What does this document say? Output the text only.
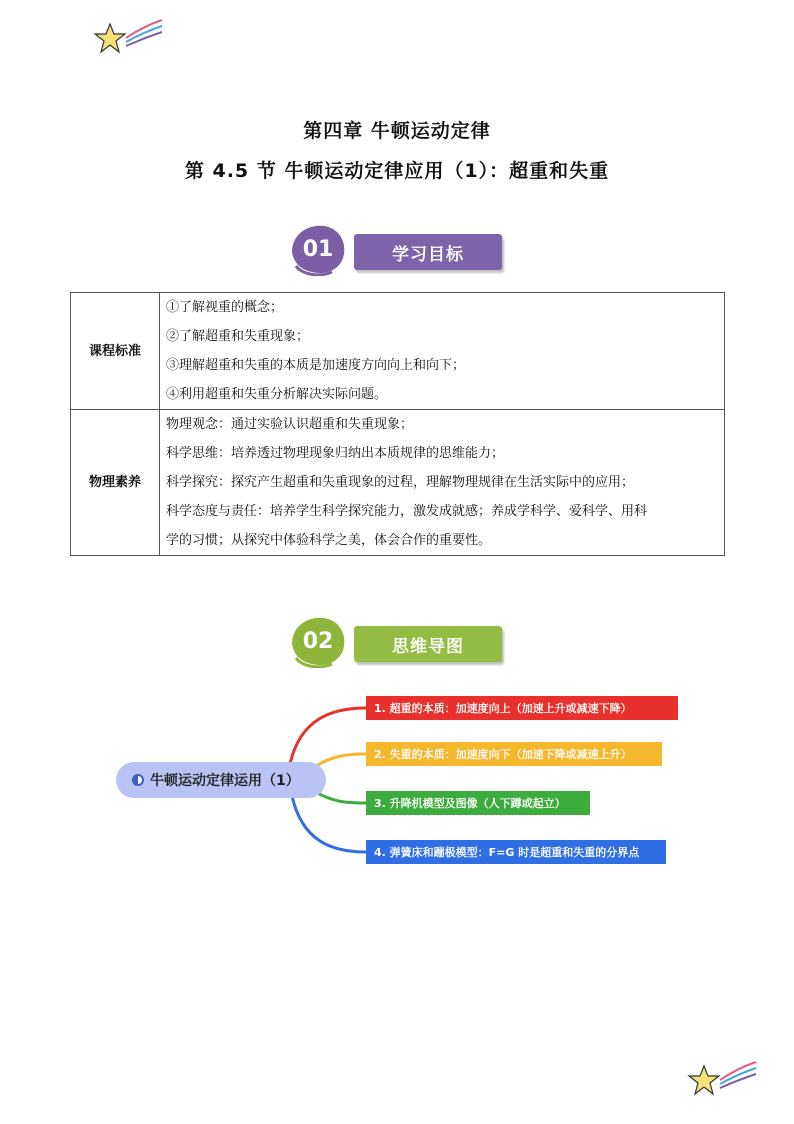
第四章 牛顿运动定律
第 4.5 节 牛顿运动定律应用（1）：超重和失重
01	学习目标
课程标准	①了解视重的概念；
②了解超重和失重现象；
③理解超重和失重的本质是加速度方向向上和向下；
④利用超重和失重分析解决实际问题。

物理素养	物理观念：通过实验认识超重和失重现象；
科学思维：培养透过物理现象归纳出本质规律的思维能力；
科学探究：探究产生超重和失重现象的过程，理解物理规律在生活实际中的应用；
科学态度与责任：培养学生科学探究能力，激发成就感；养成学科学、爱科学、用科
学的习惯；从探究中体验科学之美，体会合作的重要性。
02	思维导图
牛顿运动定律运用（1）
1. 超重的本质：加速度向上（加速上升或减速下降）
2. 失重的本质：加速度向下（加速下降或减速上升）
3. 升降机模型及图像（人下蹲或起立）
4. 弹簧床和蹦极模型：F=G 时是超重和失重的分界点
